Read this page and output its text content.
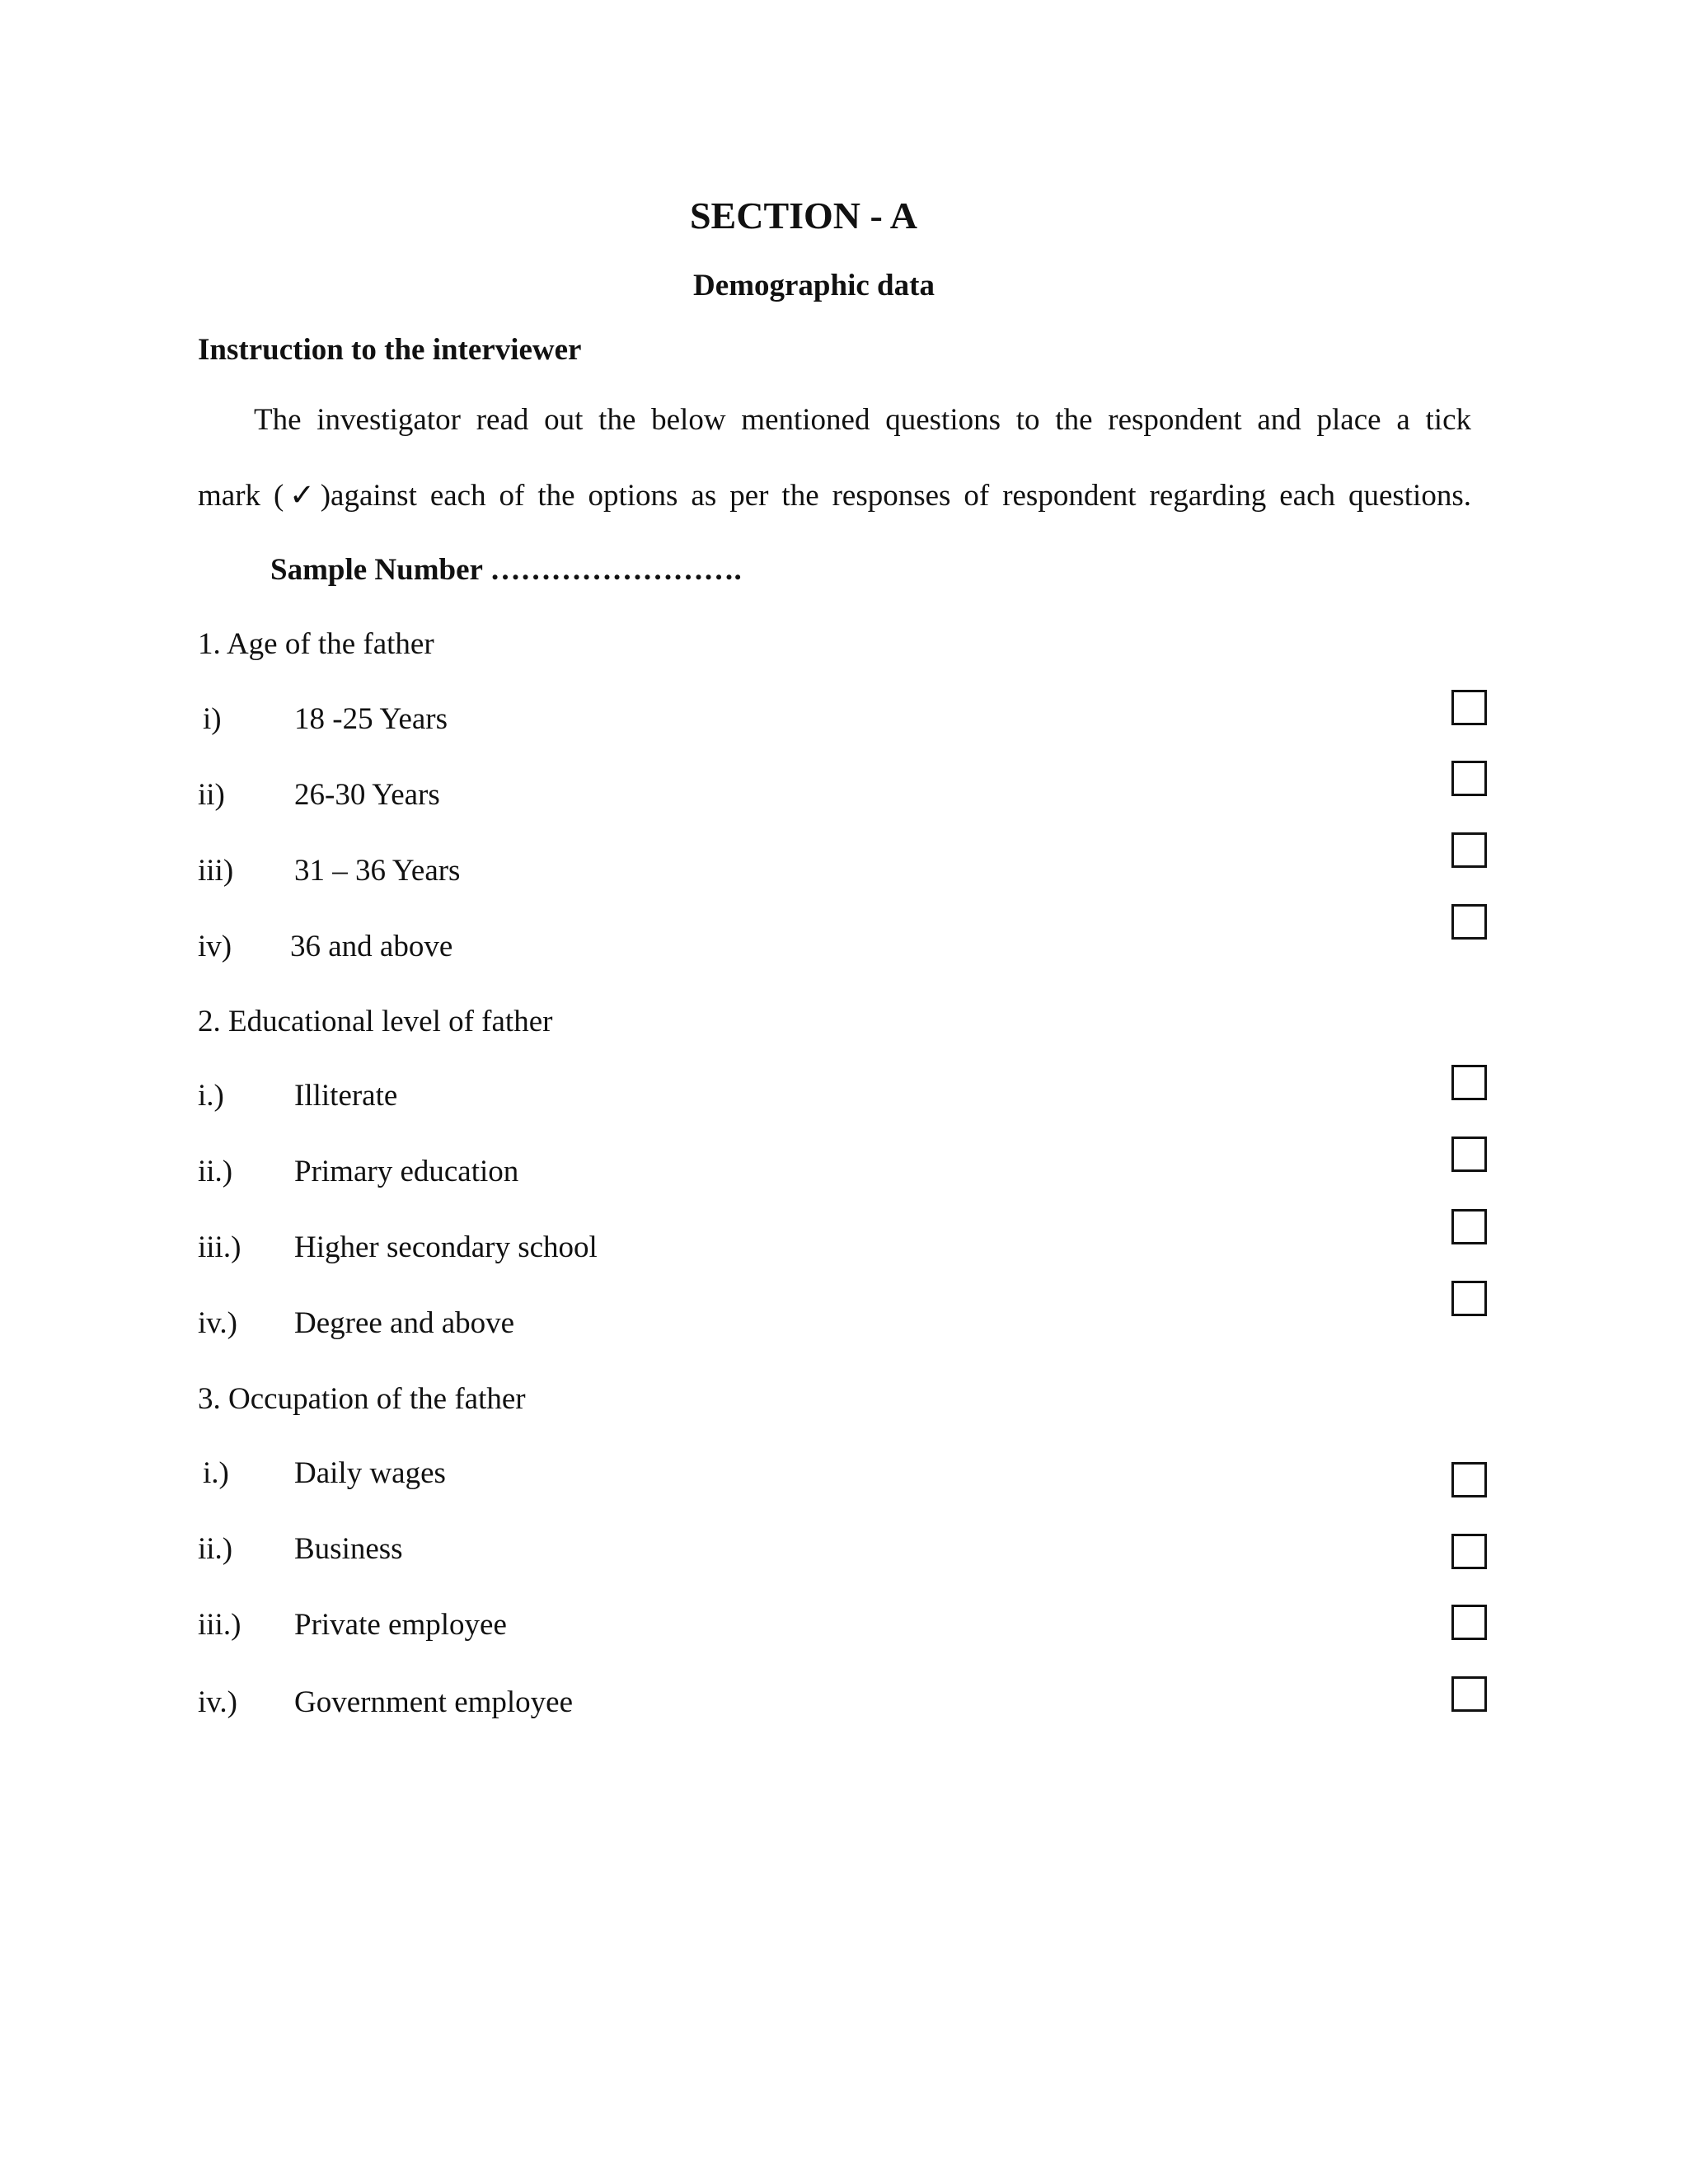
SECTION - A
Demographic data
Instruction to the interviewer
The investigator read out the below mentioned questions to the respondent and place a tick
mark (✓)against each of the options as per the responses of respondent regarding each questions.
Sample Number …………………….
1. Age of the father
i) 18 -25 Years
ii) 26-30 Years
iii) 31 – 36 Years
iv) 36 and above
2. Educational level of father
i.) Illiterate
ii.) Primary education
iii.) Higher secondary school
iv.) Degree and above
3. Occupation of the father
i.) Daily wages
ii.) Business
iii.) Private employee
iv.) Government employee
